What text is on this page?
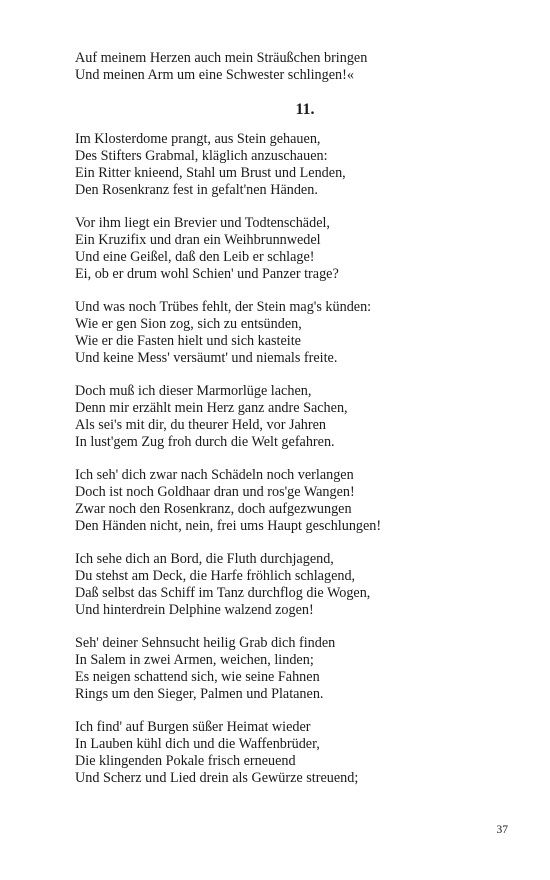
Auf meinem Herzen auch mein Sträußchen bringen
Und meinen Arm um eine Schwester schlingen!«
11.
Im Klosterdome prangt, aus Stein gehauen,
Des Stifters Grabmal, kläglich anzuschauen:
Ein Ritter knieend, Stahl um Brust und Lenden,
Den Rosenkranz fest in gefalt'nen Händen.
Vor ihm liegt ein Brevier und Todtenschädel,
Ein Kruzifix und dran ein Weihbrunnwedel
Und eine Geißel, daß den Leib er schlage!
Ei, ob er drum wohl Schien' und Panzer trage?
Und was noch Trübes fehlt, der Stein mag's künden:
Wie er gen Sion zog, sich zu entsünden,
Wie er die Fasten hielt und sich kasteite
Und keine Mess' versäumt' und niemals freite.
Doch muß ich dieser Marmorlüge lachen,
Denn mir erzählt mein Herz ganz andre Sachen,
Als sei's mit dir, du theurer Held, vor Jahren
In lust'gem Zug froh durch die Welt gefahren.
Ich seh' dich zwar nach Schädeln noch verlangen
Doch ist noch Goldhaar dran und ros'ge Wangen!
Zwar noch den Rosenkranz, doch aufgezwungen
Den Händen nicht, nein, frei ums Haupt geschlungen!
Ich sehe dich an Bord, die Fluth durchjagend,
Du stehst am Deck, die Harfe fröhlich schlagend,
Daß selbst das Schiff im Tanz durchflog die Wogen,
Und hinterdrein Delphine walzend zogen!
Seh' deiner Sehnsucht heilig Grab dich finden
In Salem in zwei Armen, weichen, linden;
Es neigen schattend sich, wie seine Fahnen
Rings um den Sieger, Palmen und Platanen.
Ich find' auf Burgen süßer Heimat wieder
In Lauben kühl dich und die Waffenbrüder,
Die klingenden Pokale frisch erneuend
Und Scherz und Lied drein als Gewürze streuend;
37
